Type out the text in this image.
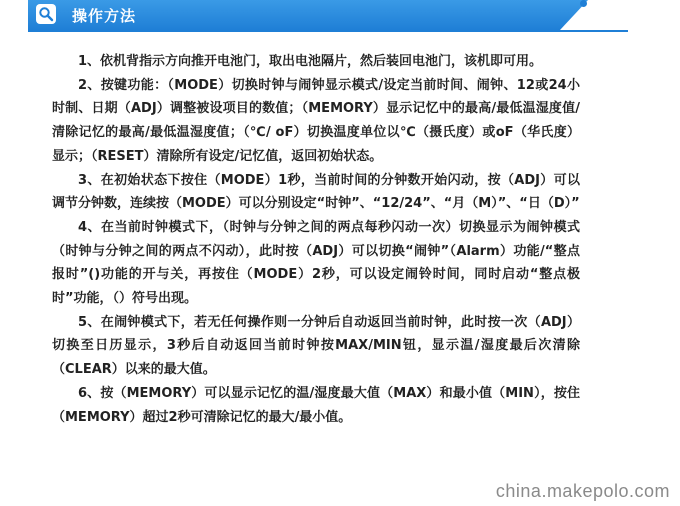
操作方法

1、依机背指示方向推开电池门，取出电池隔片，然后装回电池门，该机即可用。

2、按键功能：（MODE）切换时钟与闹钟显示模式/设定当前时间、闹钟、12或24小时制、日期（ADJ）调整被设项目的数值；（MEMORY）显示记忆中的最高/最低温湿度值/清除记忆的最高/最低温湿度值；（℃/ oF）切换温度单位以℃（摄氏度）或oF（华氏度）显示；（RESET）清除所有设定/记忆值，返回初始状态。

3、在初始状态下按住（MODE）1秒，当前时间的分钟数开始闪动，按（ADJ）可以调节分钟数，连续按（MODE）可以分别设定“时钟”、“12/24”、“月（M）”、“日（D）”

4、在当前时钟模式下，（时钟与分钟之间的两点每秒闪动一次）切换显示为闹钟模式（时钟与分钟之间的两点不闪动），此时按（ADJ）可以切换“闹钟”（Alarm）功能/“整点报时”()功能的开与关，再按住（MODE）2秒，可以设定闹铃时间，同时启动“整点极时”功能，（）符号出现。

5、在闹钟模式下，若无任何操作则一分钟后自动返回当前时钟，此时按一次（ADJ）切换至日历显示，3秒后自动返回当前时钟按MAX/MIN钮，显示温/湿度最后次清除（CLEAR）以来的最大值。

6、按（MEMORY）可以显示记忆的温/湿度最大值（MAX）和最小值（MIN），按住（MEMORY）超过2秒可清除记忆的最大/最小值。

china.makepolo.com
